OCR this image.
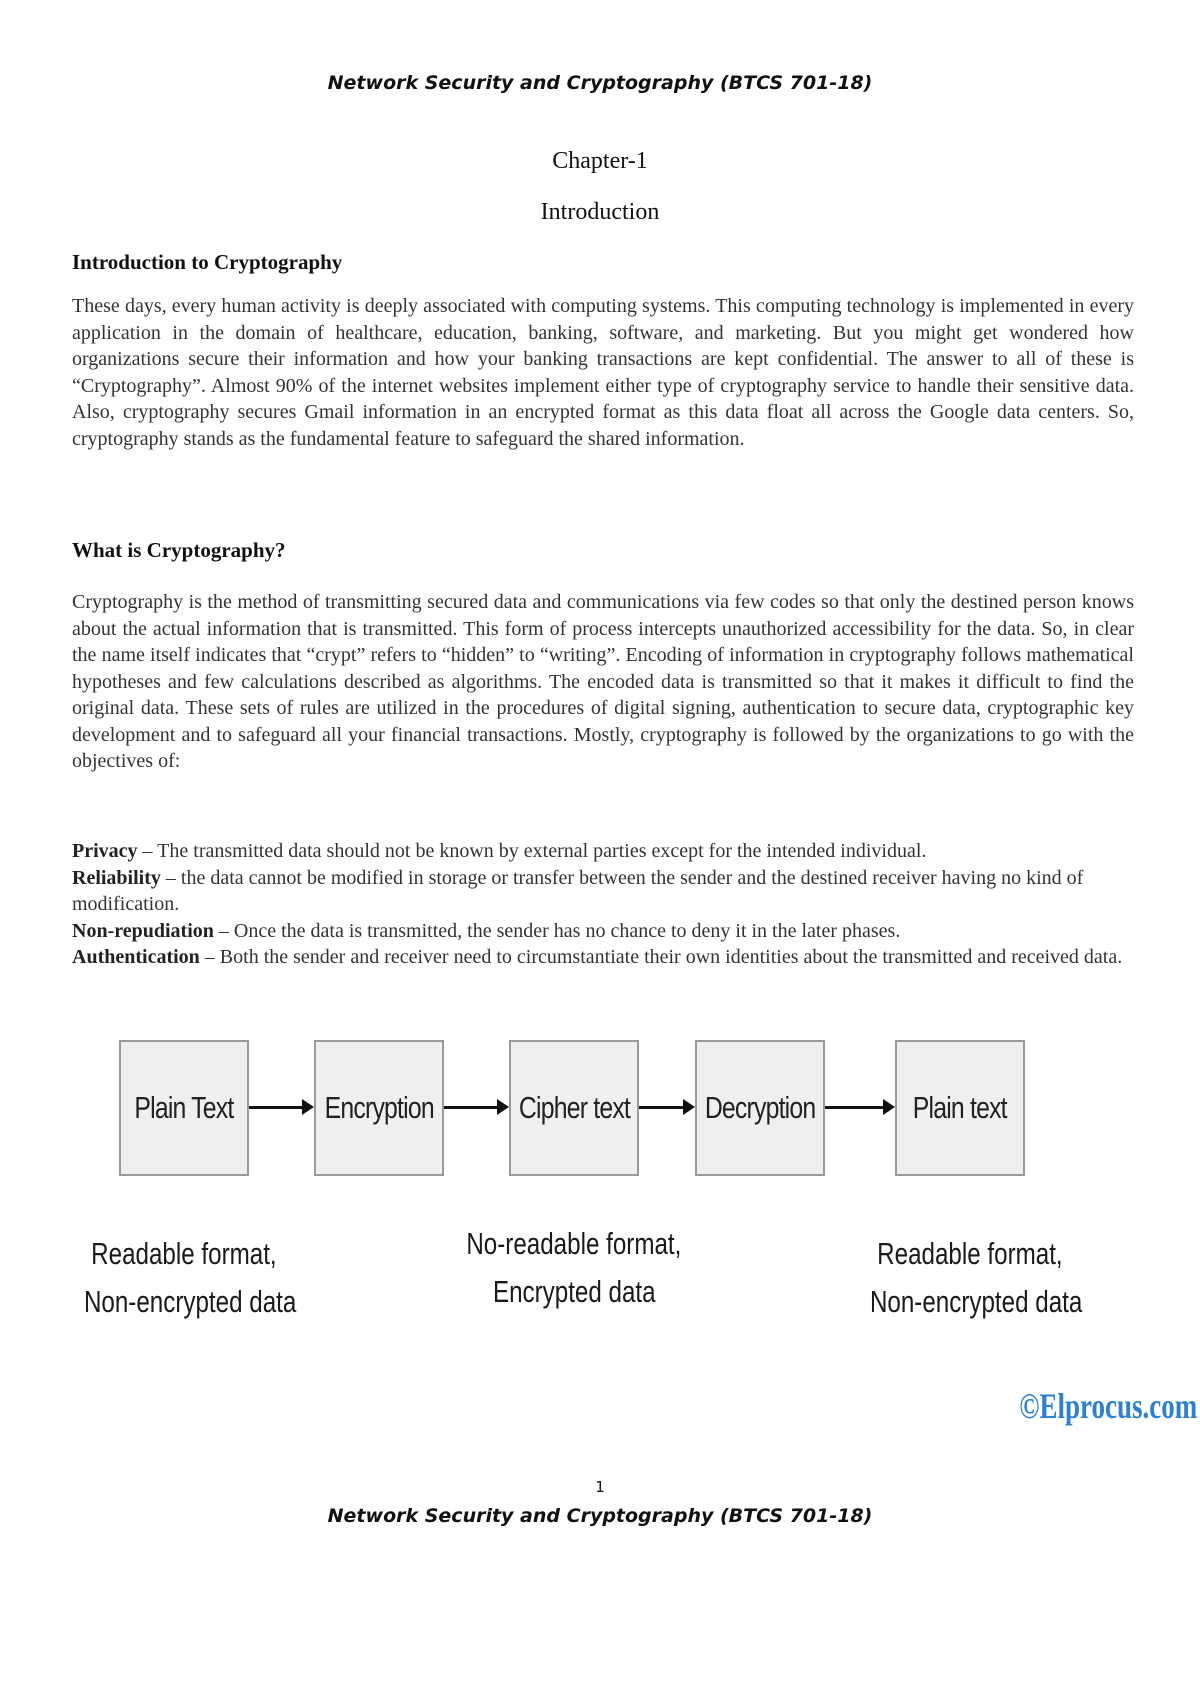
Network Security and Cryptography (BTCS 701-18)
Chapter-1
Introduction

Introduction to Cryptography

These days, every human activity is deeply associated with computing systems. This computing technology is implemented in every application in the domain of healthcare, education, banking, software, and marketing. But you might get wondered how organizations secure their information and how your banking transactions are kept confidential. The answer to all of these is “Cryptography”. Almost 90% of the internet websites implement either type of cryptography service to handle their sensitive data. Also, cryptography secures Gmail information in an encrypted format as this data float all across the Google data centers. So, cryptography stands as the fundamental feature to safeguard the shared information.

What is Cryptography?

Cryptography is the method of transmitting secured data and communications via few codes so that only the destined person knows about the actual information that is transmitted. This form of process intercepts unauthorized accessibility for the data. So, in clear the name itself indicates that “crypt” refers to “hidden” to “writing”. Encoding of information in cryptography follows mathematical hypotheses and few calculations described as algorithms. The encoded data is transmitted so that it makes it difficult to find the original data. These sets of rules are utilized in the procedures of digital signing, authentication to secure data, cryptographic key development and to safeguard all your financial transactions. Mostly, cryptography is followed by the organizations to go with the objectives of:

Privacy – The transmitted data should not be known by external parties except for the intended individual.

Reliability – the data cannot be modified in storage or transfer between the sender and the destined receiver having no kind of modification.

Non-repudiation – Once the data is transmitted, the sender has no chance to deny it in the later phases.

Authentication – Both the sender and receiver need to circumstantiate their own identities about the transmitted and received data.

Plain Text	Encryption	Cipher text Decryption	Plain text
Readable format,
Non-encrypted data
No-readable format,
Encrypted data
Readable format,
Non-encrypted data
©Elprocus.com
1
Network Security and Cryptography (BTCS 701-18)
